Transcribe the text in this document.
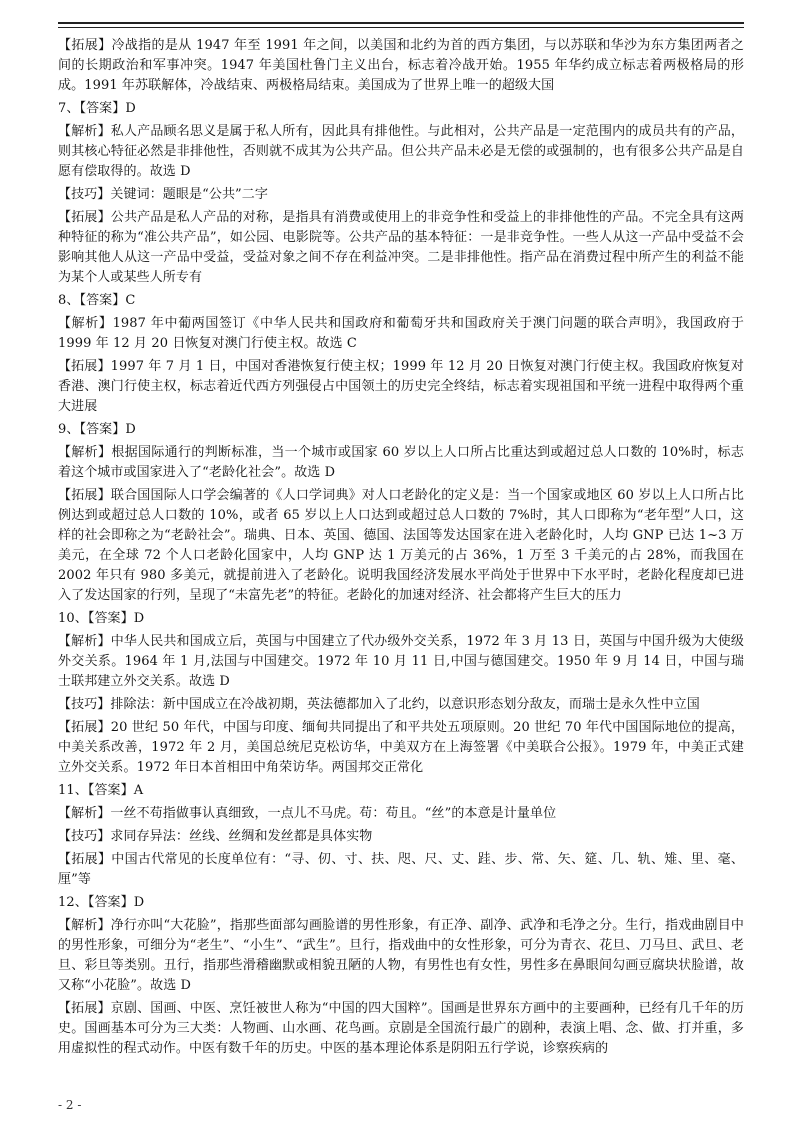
【拓展】冷战指的是从 1947 年至 1991 年之间，以美国和北约为首的西方集团，与以苏联和华沙为东方集团两者之间的长期政治和军事冲突。1947 年美国杜鲁门主义出台，标志着冷战开始。1955 年华约成立标志着两极格局的形成。1991 年苏联解体，冷战结束、两极格局结束。美国成为了世界上唯一的超级大国
7、【答案】D
【解析】私人产品顾名思义是属于私人所有，因此具有排他性。与此相对，公共产品是一定范围内的成员共有的产品，则其核心特征必然是非排他性，否则就不成其为公共产品。但公共产品未必是无偿的或强制的，也有很多公共产品是自愿有偿取得的。故选 D
【技巧】关键词：题眼是“公共”二字
【拓展】公共产品是私人产品的对称，是指具有消费或使用上的非竞争性和受益上的非排他性的产品。不完全具有这两种特征的称为“准公共产品”，如公园、电影院等。公共产品的基本特征：一是非竞争性。一些人从这一产品中受益不会影响其他人从这一产品中受益，受益对象之间不存在利益冲突。二是非排他性。指产品在消费过程中所产生的利益不能为某个人或某些人所专有
8、【答案】C
【解析】1987 年中葡两国签订《中华人民共和国政府和葡萄牙共和国政府关于澳门问题的联合声明》，我国政府于 1999 年 12 月 20 日恢复对澳门行使主权。故选 C
【拓展】1997 年 7 月 1 日，中国对香港恢复行使主权；1999 年 12 月 20 日恢复对澳门行使主权。我国政府恢复对香港、澳门行使主权，标志着近代西方列强侵占中国领土的历史完全终结，标志着实现祖国和平统一进程中取得两个重大进展
9、【答案】D
【解析】根据国际通行的判断标准，当一个城市或国家 60 岁以上人口所占比重达到或超过总人口数的 10%时，标志着这个城市或国家进入了“老龄化社会”。故选 D
【拓展】联合国国际人口学会编著的《人口学词典》对人口老龄化的定义是：当一个国家或地区 60 岁以上人口所占比例达到或超过总人口数的 10%，或者 65 岁以上人口达到或超过总人口数的 7%时，其人口即称为“老年型”人口，这样的社会即称之为“老龄社会”。瑞典、日本、英国、德国、法国等发达国家在进入老龄化时，人均 GNP 已达 1~3 万美元，在全球 72 个人口老龄化国家中，人均 GNP 达 1 万美元的占 36%，1 万至 3 千美元的占 28%，而我国在 2002 年只有 980 多美元，就提前进入了老龄化。说明我国经济发展水平尚处于世界中下水平时，老龄化程度却已进入了发达国家的行列，呈现了“未富先老”的特征。老龄化的加速对经济、社会都将产生巨大的压力
10、【答案】D
【解析】中华人民共和国成立后，英国与中国建立了代办级外交关系，1972 年 3 月 13 日，英国与中国升级为大使级外交关系。1964 年 1 月,法国与中国建交。1972 年 10 月 11 日,中国与德国建交。1950 年 9 月 14 日，中国与瑞士联邦建立外交关系。故选 D
【技巧】排除法：新中国成立在冷战初期，英法德都加入了北约，以意识形态划分敌友，而瑞士是永久性中立国
【拓展】20 世纪 50 年代，中国与印度、缅甸共同提出了和平共处五项原则。20 世纪 70 年代中国国际地位的提高，中美关系改善，1972 年 2 月，美国总统尼克松访华，中美双方在上海签署《中美联合公报》。1979 年，中美正式建立外交关系。1972 年日本首相田中角荣访华。两国邦交正常化
11、【答案】A
【解析】一丝不苟指做事认真细致，一点儿不马虎。苟：苟且。“丝”的本意是计量单位
【技巧】求同存异法：丝线、丝绸和发丝都是具体实物
【拓展】中国古代常见的长度单位有：“寻、仞、寸、扶、咫、尺、丈、跬、步、常、矢、筵、几、轨、雉、里、毫、厘”等
12、【答案】D
【解析】净行亦叫“大花脸”，指那些面部勾画脸谱的男性形象，有正净、副净、武净和毛净之分。生行，指戏曲剧目中的男性形象，可细分为“老生”、“小生”、“武生”。旦行，指戏曲中的女性形象，可分为青衣、花旦、刀马旦、武旦、老旦、彩旦等类别。丑行，指那些滑稽幽默或相貌丑陋的人物，有男性也有女性，男性多在鼻眼间勾画豆腐块状脸谱，故又称“小花脸”。故选 D
【拓展】京剧、国画、中医、烹饪被世人称为“中国的四大国粹”。国画是世界东方画中的主要画种，已经有几千年的历史。国画基本可分为三大类：人物画、山水画、花鸟画。京剧是全国流行最广的剧种，表演上唱、念、做、打并重，多用虚拟性的程式动作。中医有数千年的历史。中医的基本理论体系是阴阳五行学说，诊察疾病的
- 2 -
